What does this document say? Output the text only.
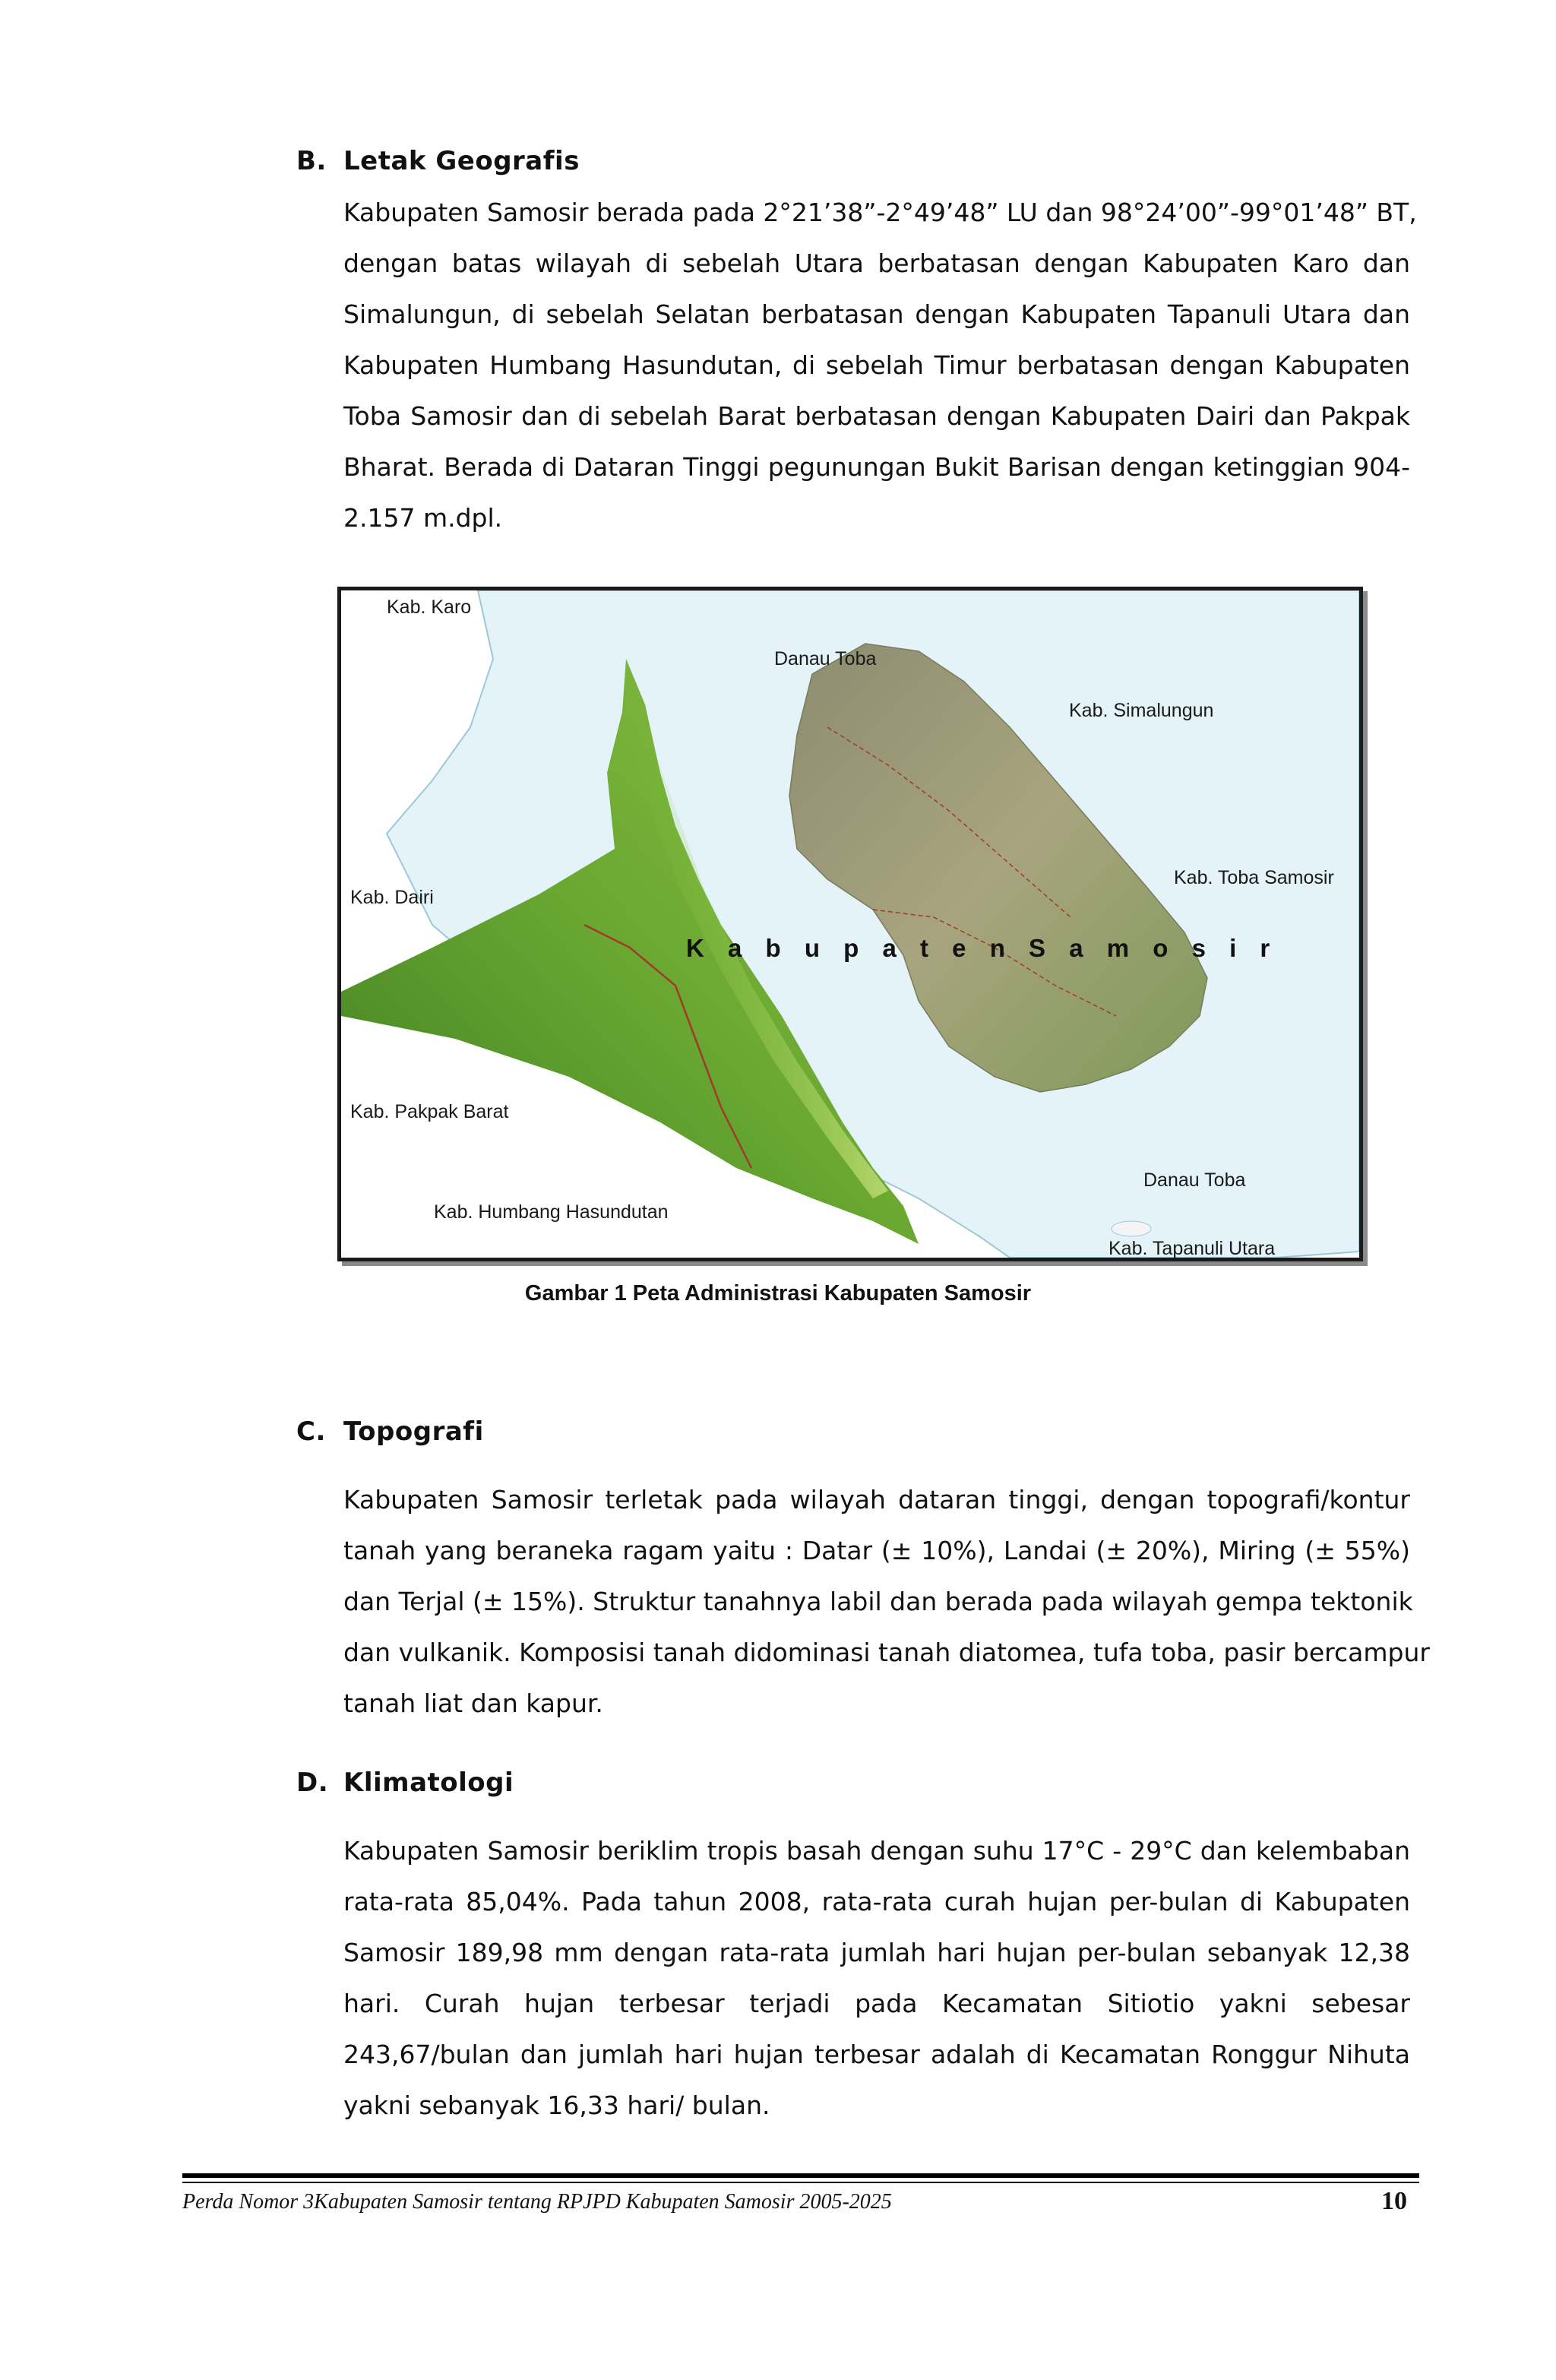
B. Letak Geografis

Kabupaten Samosir berada pada 2°21’38”-2°49’48” LU dan 98°24’00”-99°01’48” BT,
dengan batas wilayah di sebelah Utara berbatasan dengan Kabupaten Karo dan
Simalungun, di sebelah Selatan berbatasan dengan Kabupaten Tapanuli Utara dan
Kabupaten Humbang Hasundutan, di sebelah Timur berbatasan dengan Kabupaten
Toba Samosir dan di sebelah Barat berbatasan dengan Kabupaten Dairi dan Pakpak
Bharat. Berada di Dataran Tinggi pegunungan Bukit Barisan dengan ketinggian 904-
2.157 m.dpl.

Kab. Karo
Danau Toba
Kab. Simalungun
Kab. Toba Samosir
Kab. Dairi
K a b u p a t e n S a m o s i r
Kab. Pakpak Barat
Danau Toba
Kab. Humbang Hasundutan
Kab. Tapanuli Utara
Gambar 1 Peta Administrasi Kabupaten Samosir
C. Topografi

Kabupaten Samosir terletak pada wilayah dataran tinggi, dengan topografi/kontur
tanah yang beraneka ragam yaitu : Datar (± 10%), Landai (± 20%), Miring (± 55%)
dan Terjal (± 15%). Struktur tanahnya labil dan berada pada wilayah gempa tektonik
dan vulkanik. Komposisi tanah didominasi tanah diatomea, tufa toba, pasir bercampur
tanah liat dan kapur.

D. Klimatologi

Kabupaten Samosir beriklim tropis basah dengan suhu 17°C - 29°C dan kelembaban
rata-rata 85,04%. Pada tahun 2008, rata-rata curah hujan per-bulan di Kabupaten
Samosir 189,98 mm dengan rata-rata jumlah hari hujan per-bulan sebanyak 12,38
hari. Curah hujan terbesar terjadi pada Kecamatan Sitiotio yakni sebesar
243,67/bulan dan jumlah hari hujan terbesar adalah di Kecamatan Ronggur Nihuta
yakni sebanyak 16,33 hari/ bulan.

Perda Nomor 3Kabupaten Samosir tentang RPJPD Kabupaten Samosir 2005-2025	10
